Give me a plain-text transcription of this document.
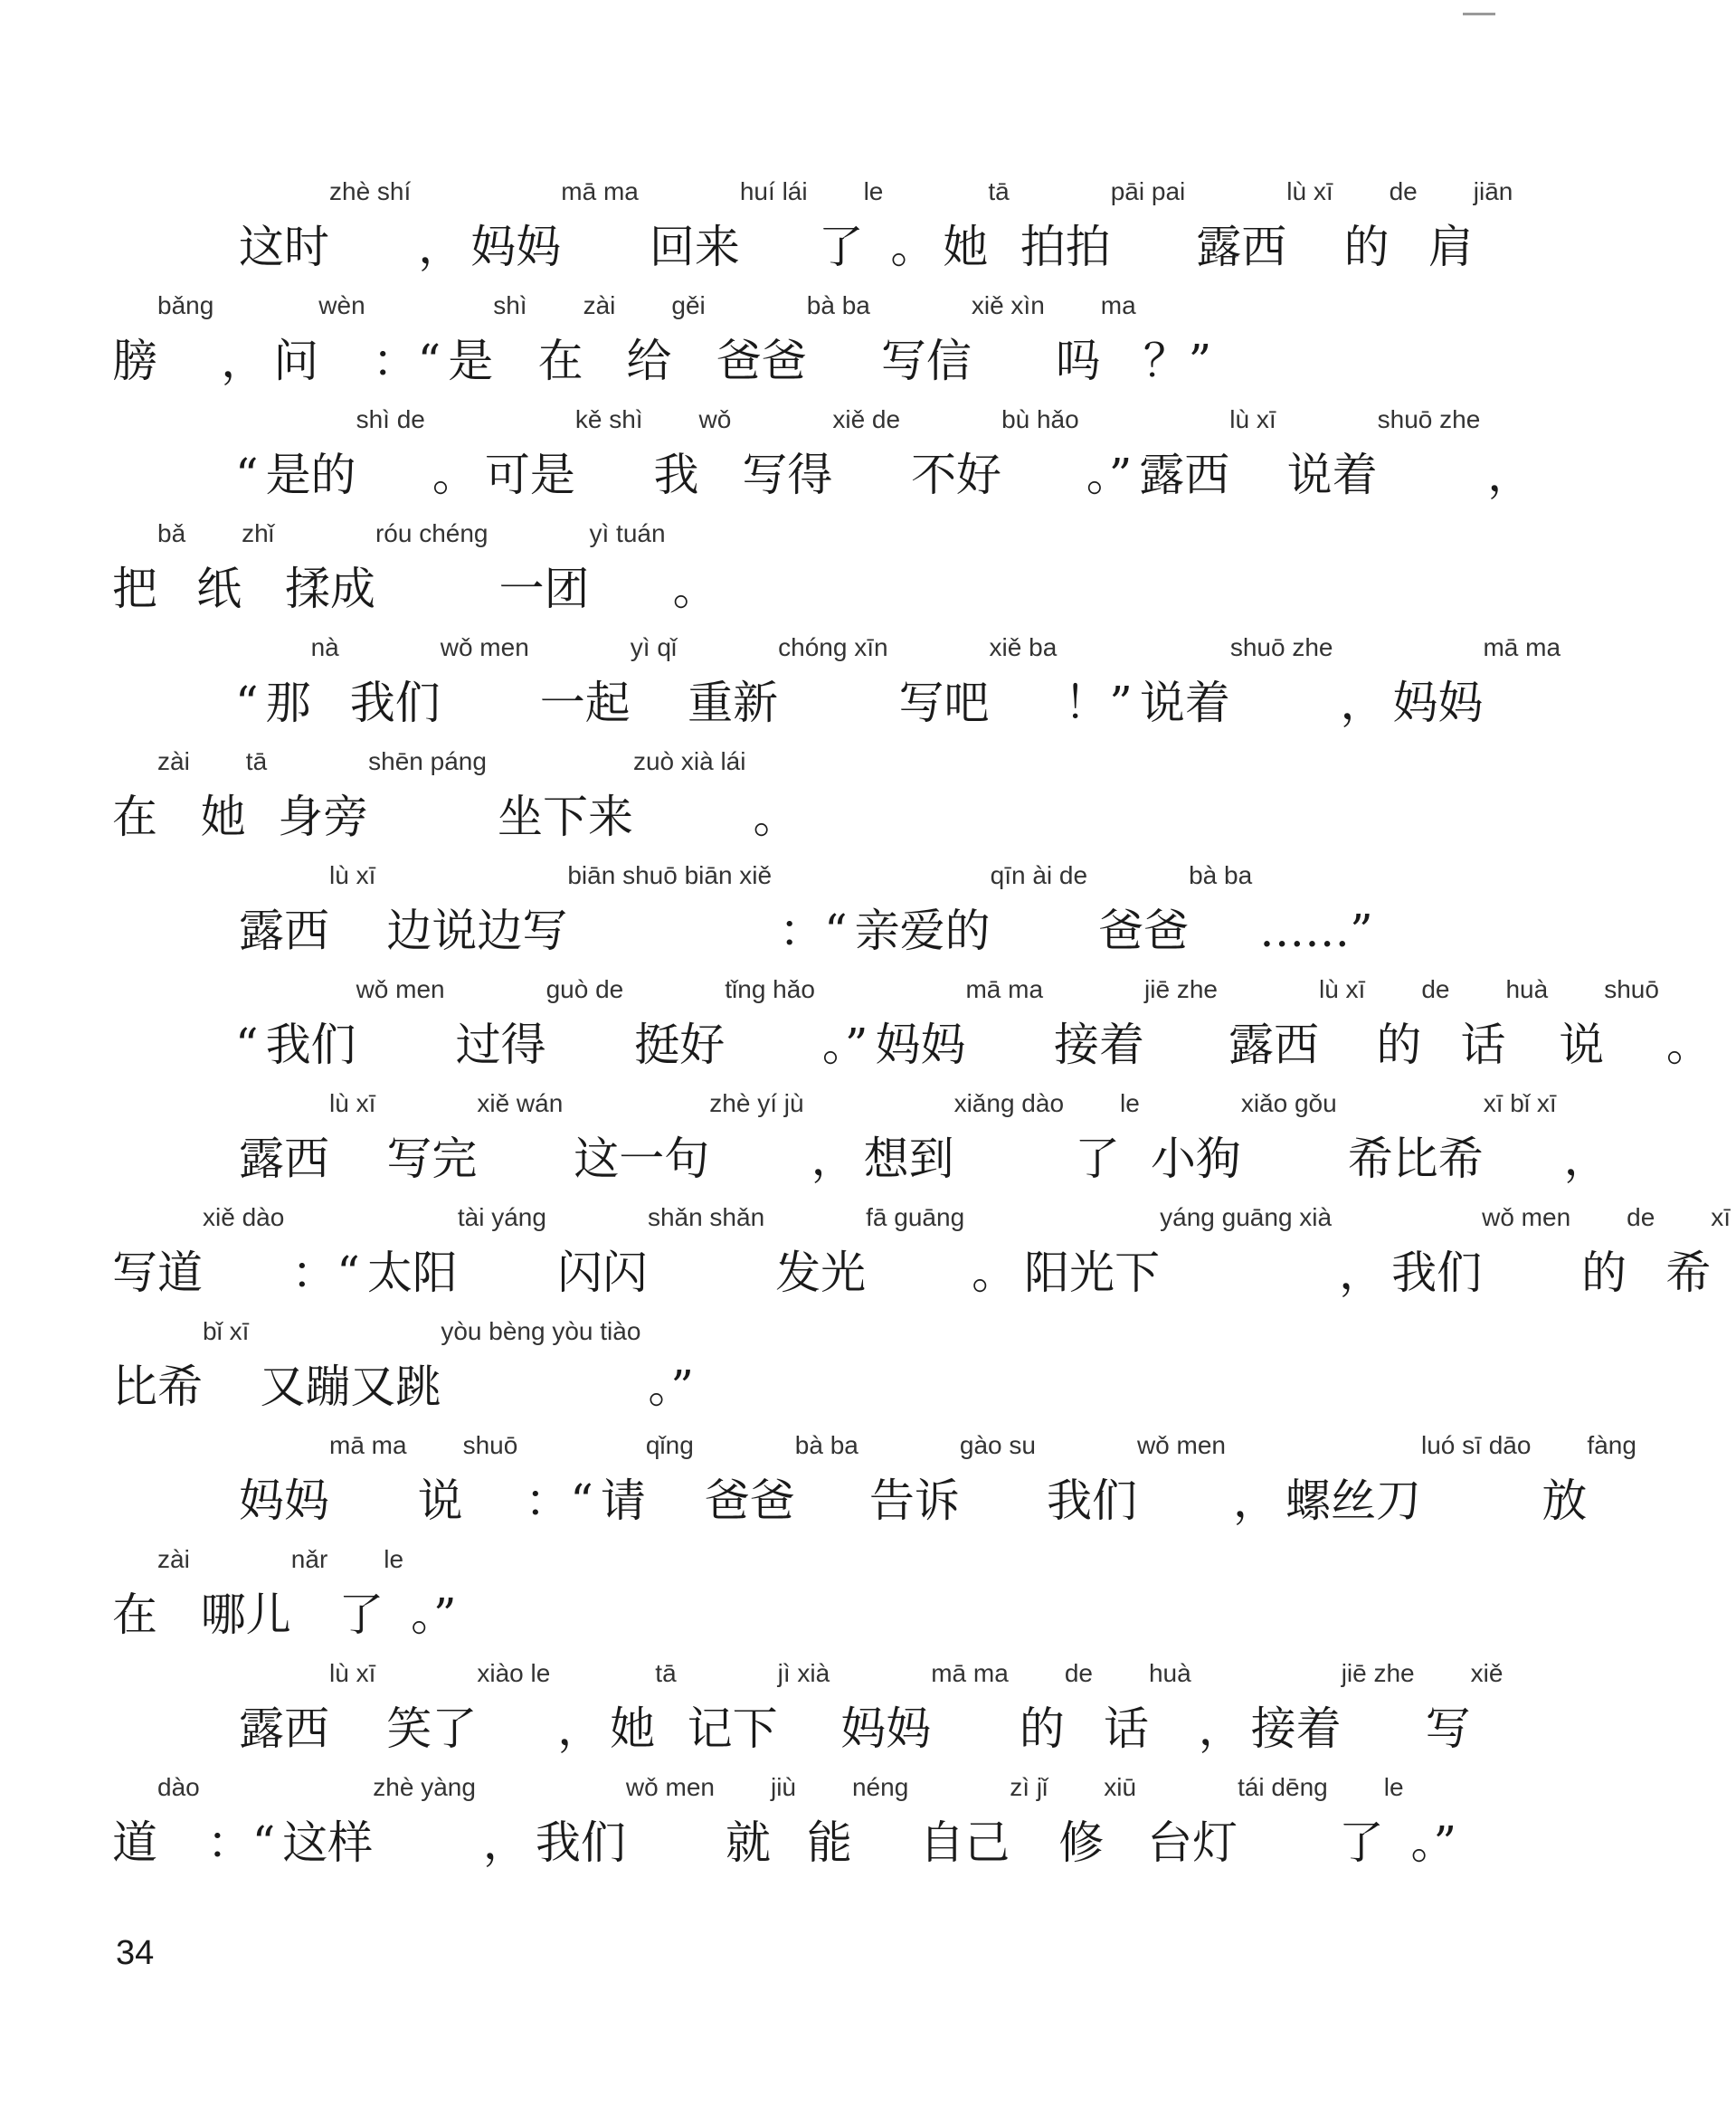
这时zhè shí， 妈妈mā ma回来huí lái了le。 她tā拍拍pāi pai露西lù xī的de肩jiān
膀bǎng， 问wèn：“ 是shì在zài给gěi爸爸bà ba写信xiě xìn吗ma？”
“ 是的shì de。 可是kě shì我wǒ写得xiě de不好bù hǎo。” 露西lù xī说着shuō zhe，
把bǎ纸zhǐ揉成róu chéng一团yì tuán。
“ 那nà我们wǒ men一起yì qǐ重新chóng xīn写吧xiě ba！” 说着shuō zhe， 妈妈mā ma
在zài她tā身旁shēn páng坐下来zuò xià lái。
露西lù xī边说边写biān shuō biān xiě：“ 亲爱的qīn ài de爸爸bà ba……”
“ 我们wǒ men过得guò de挺好tǐng hǎo。” 妈妈mā ma接着jiē zhe露西lù xī的de话huà说shuō。
露西lù xī写完xiě wán这一句zhè yí jù， 想到xiǎng dào了le小狗xiǎo gǒu希比希xī bǐ xī，
写道xiě dào：“ 太阳tài yáng闪闪shǎn shǎn发光fā guāng。 阳光下yáng guāng xià， 我们wǒ men的de希xī
比希bǐ xī又蹦又跳yòu bèng yòu tiào。”
妈妈mā ma说shuō：“ 请qǐng爸爸bà ba告诉gào su我们wǒ men， 螺丝刀luó sī dāo放fàng
在zài哪儿nǎr了le。”
露西lù xī笑了xiào le， 她tā记下jì xià妈妈mā ma的de话huà， 接着jiē zhe写xiě
道dào：“ 这样zhè yàng， 我们wǒ men就jiù能néng自己zì jǐ修xiū台灯tái dēng了le。”
34
